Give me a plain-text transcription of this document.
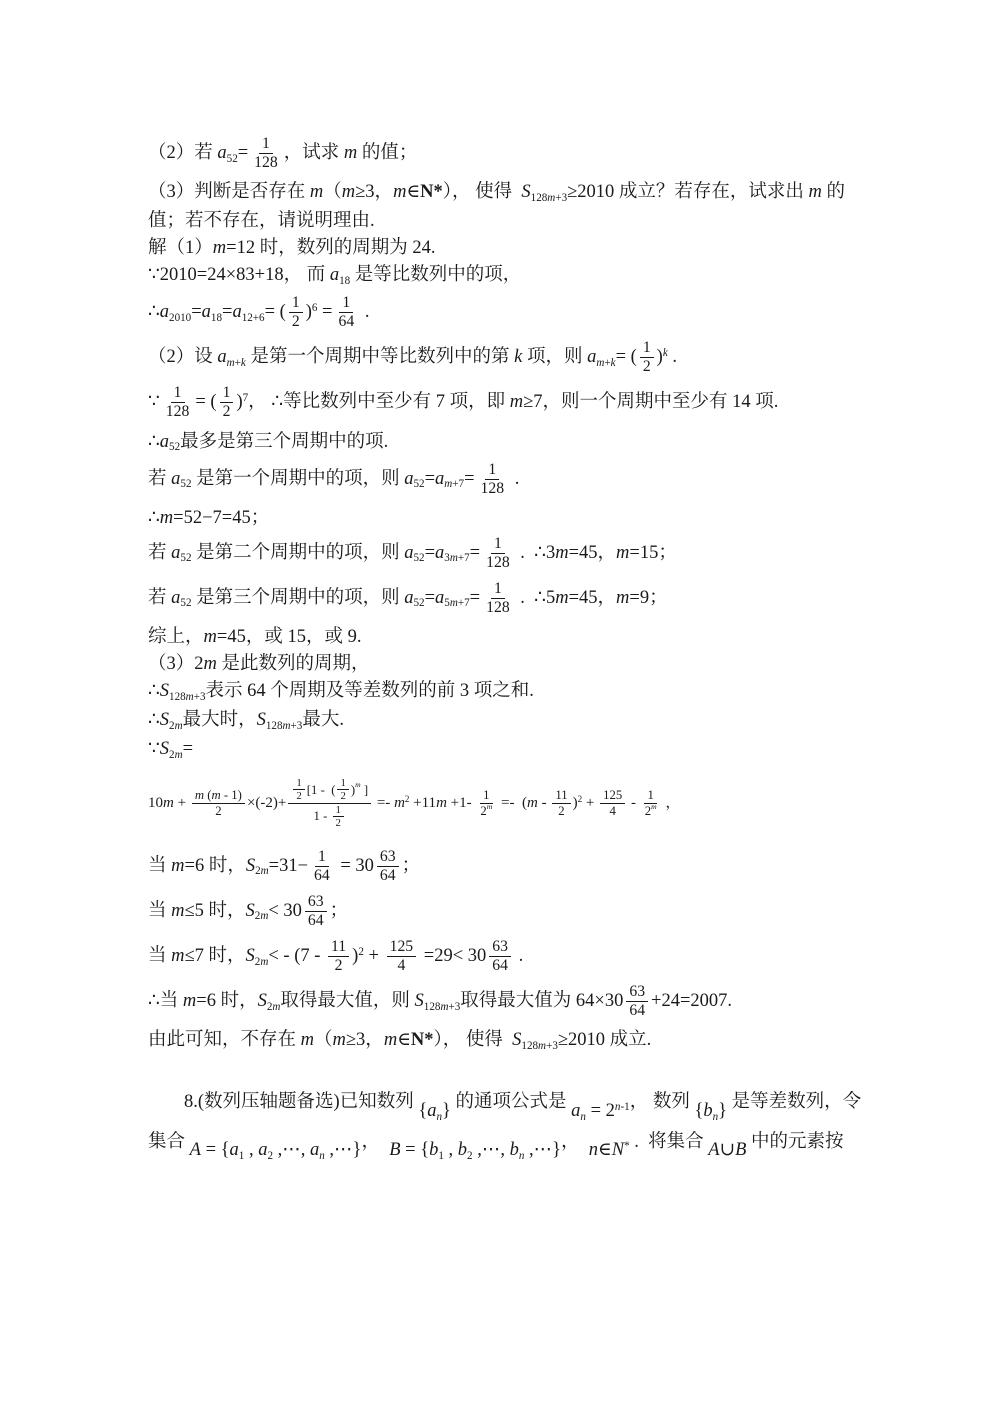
（2）若 $a_{52}= \frac{1}{128}$ ，试求 m 的值；
（3）判断是否存在 m（m≥3，m∈N*）， 使得  $S_{128m+3}\ge 2010$ 成立？若存在，试求出 m 的
值；若不存在，请说明理由.
解（1）m=12 时，数列的周期为 24.
∵2010=24×83+18， 而 $a_{18}$ 是等比数列中的项，
$\therefore a_{2010}=a_{18}=a_{12+6}=$ ( $\frac{1}{2} )^6 = \frac{1}{64}$ .
（2）设 $a_{m+k}$ 是第一个周期中等比数列中的第 k 项，则 $a_{m+k}=$ ( $\frac{1}{2} )^k$ .
∵ $\frac{1}{128}$ = ( $\frac{1}{2} )^7$， ∴等比数列中至少有 7 项，即 m≥7，则一个周期中至少有 14 项.
$\therefore a_{52}$最多是第三个周期中的项.
若 $a_{52}$ 是第一个周期中的项，则 $a_{52}=a_{m+7}= \frac{1}{128}$ .
∴m=52−7=45；
若 $a_{52}$ 是第二个周期中的项，则 $a_{52}=a_{3m+7}= \frac{1}{128}$ .  ∴3m=45，m=15；
若 $a_{52}$ 是第三个周期中的项，则 $a_{52}=a_{5m+7}= \frac{1}{128}$ .  ∴5m=45，m=9；
综上，m=45，或 15，或 9.
（3）2m 是此数列的周期，
$\therefore S_{128m+3}$表示 64 个周期及等差数列的前 3 项之和.
$\therefore S_{2m}$最大时，$S_{128m+3}$最大.
$\because S_{2m}=$
$10m + \frac{m ( m - 1)}{2} \times(-2)+ \frac{\frac{1}{2} [1 - ( \frac{1}{2} ) m ]}{1 - \frac{1}{2}} =- m^2 +11m +1- \frac{1}{2 m} =- (m - \frac{11}{2} )^2 + \frac{125}{4} - \frac{1}{2 m}$ ，
当 m=6 时，$S_{2m}=31- \frac{1}{64} = 30 \frac{63}{64}$ ；
当 m≤5 时，$S_{2m}< 30 \frac{63}{64}$ ；
当 m≤7 时，$S_{2m}< - (7 - \frac{11}{2} )^2 + \frac{125}{4} =29< 30 \frac{63}{64}$ .
∴当 m=6 时，$S_{2m}$取得最大值，则 $S_{128m+3}$取得最大值为 $64\times 30 \frac{63}{64} +24=2007$.
由此可知，不存在 m（m≥3，m∈N*）， 使得  $S_{128m+3}\ge 2010$ 成立.
8.(数列压轴题备选)已知数列 { a n } 的通项公式是 a n = 2 n-1 ， 数列 { b n } 是等差数列，令
集合 A = { a 1 , a 2 ,⋯, a n ,⋯} ， B = { b 1 , b 2 ,⋯, b n ,⋯} ， n ∈ N * .  将集合 A ∪ B 中的元素按
